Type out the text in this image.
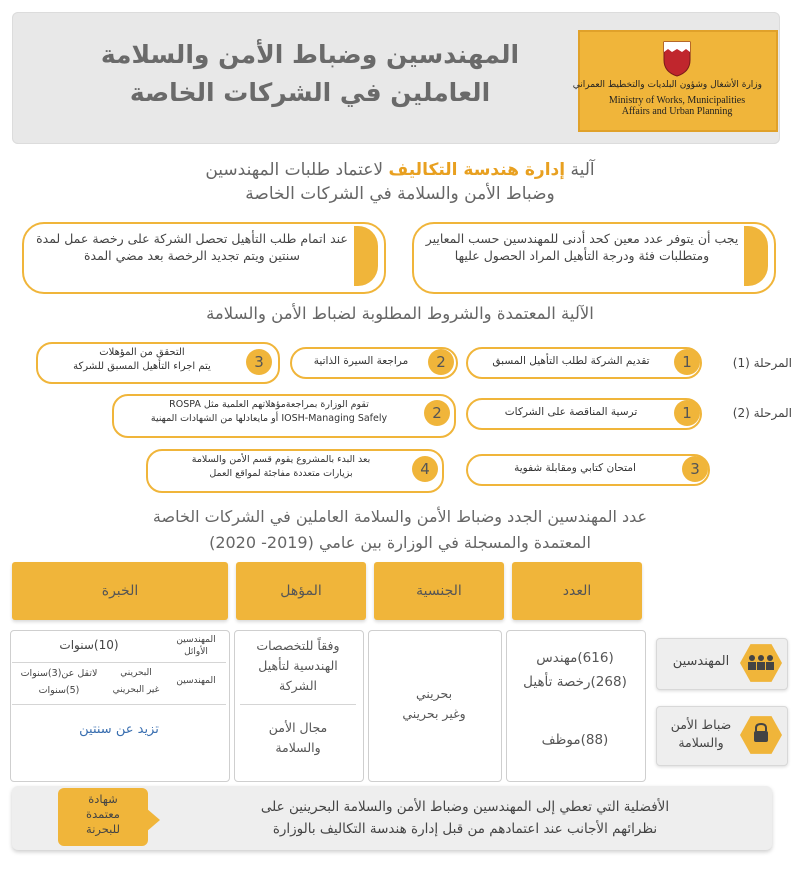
وزارة الأشغال وشؤون البلديات والتخطيط العمراني
Ministry of Works, Municipalities
Affairs and Urban Planning
المهندسين وضباط الأمن والسلامة
العاملين في الشركات الخاصة
آلية إدارة هندسة التكاليف لاعتماد طلبات المهندسين
وضباط الأمن والسلامة في الشركات الخاصة
يجب أن يتوفر عدد معين كحد أدنى للمهندسين حسب المعايير ومتطلبات فئة ودرجة التأهيل المراد الحصول عليها
عند اتمام طلب التأهيل تحصل الشركة على رخصة عمل لمدة سنتين ويتم تجديد الرخصة بعد مضي المدة
الآلية المعتمدة والشروط المطلوبة لضباط الأمن والسلامة
المرحلة (1)
المرحلة (2)
1
تقديم الشركة لطلب التأهيل المسبق
2
مراجعة السيرة الذاتية
3
التحقق من المؤهلات
يتم اجراء التأهيل المسبق للشركة
1
ترسية المناقصة على الشركات
2
تقوم الوزارة بمراجعةمؤهلاتهم العلمية مثل ROSPA
IOSH-Managing Safely أو مايعادلها من الشهادات المهنية
3
امتحان كتابي ومقابلة شفوية
4
بعد البدء بالمشروع يقوم قسم الأمن والسلامة
بزيارات متعددة مفاجئة لمواقع العمل
عدد المهندسين الجدد وضباط الأمن والسلامة العاملين في الشركات الخاصة
المعتمدة والمسجلة في الوزارة بين عامي (2019- 2020)
العدد
الجنسية
المؤهل
الخبرة
المهندسين
ضباط الأمن
والسلامة
(616)مهندس
(268)رخصة تأهيل
(88)موظف
بحريني
وغير بحريني
وفقاً للتخصصات الهندسية لتأهيل الشركة
مجال الأمن
والسلامة
المهندسين الأوائل
(10)سنوات
المهندسين
البحريني
لاتقل عن(3)سنوات
غير البحريني
(5)سنوات
تزيد عن سنتين
شهادة
معتمدة
للبحرنة
الأفضلية التي تعطي إلى المهندسين وضباط الأمن والسلامة البحرينين على
نظرائهم الأجانب عند اعتمادهم من قبل إدارة هندسة التكاليف بالوزارة
